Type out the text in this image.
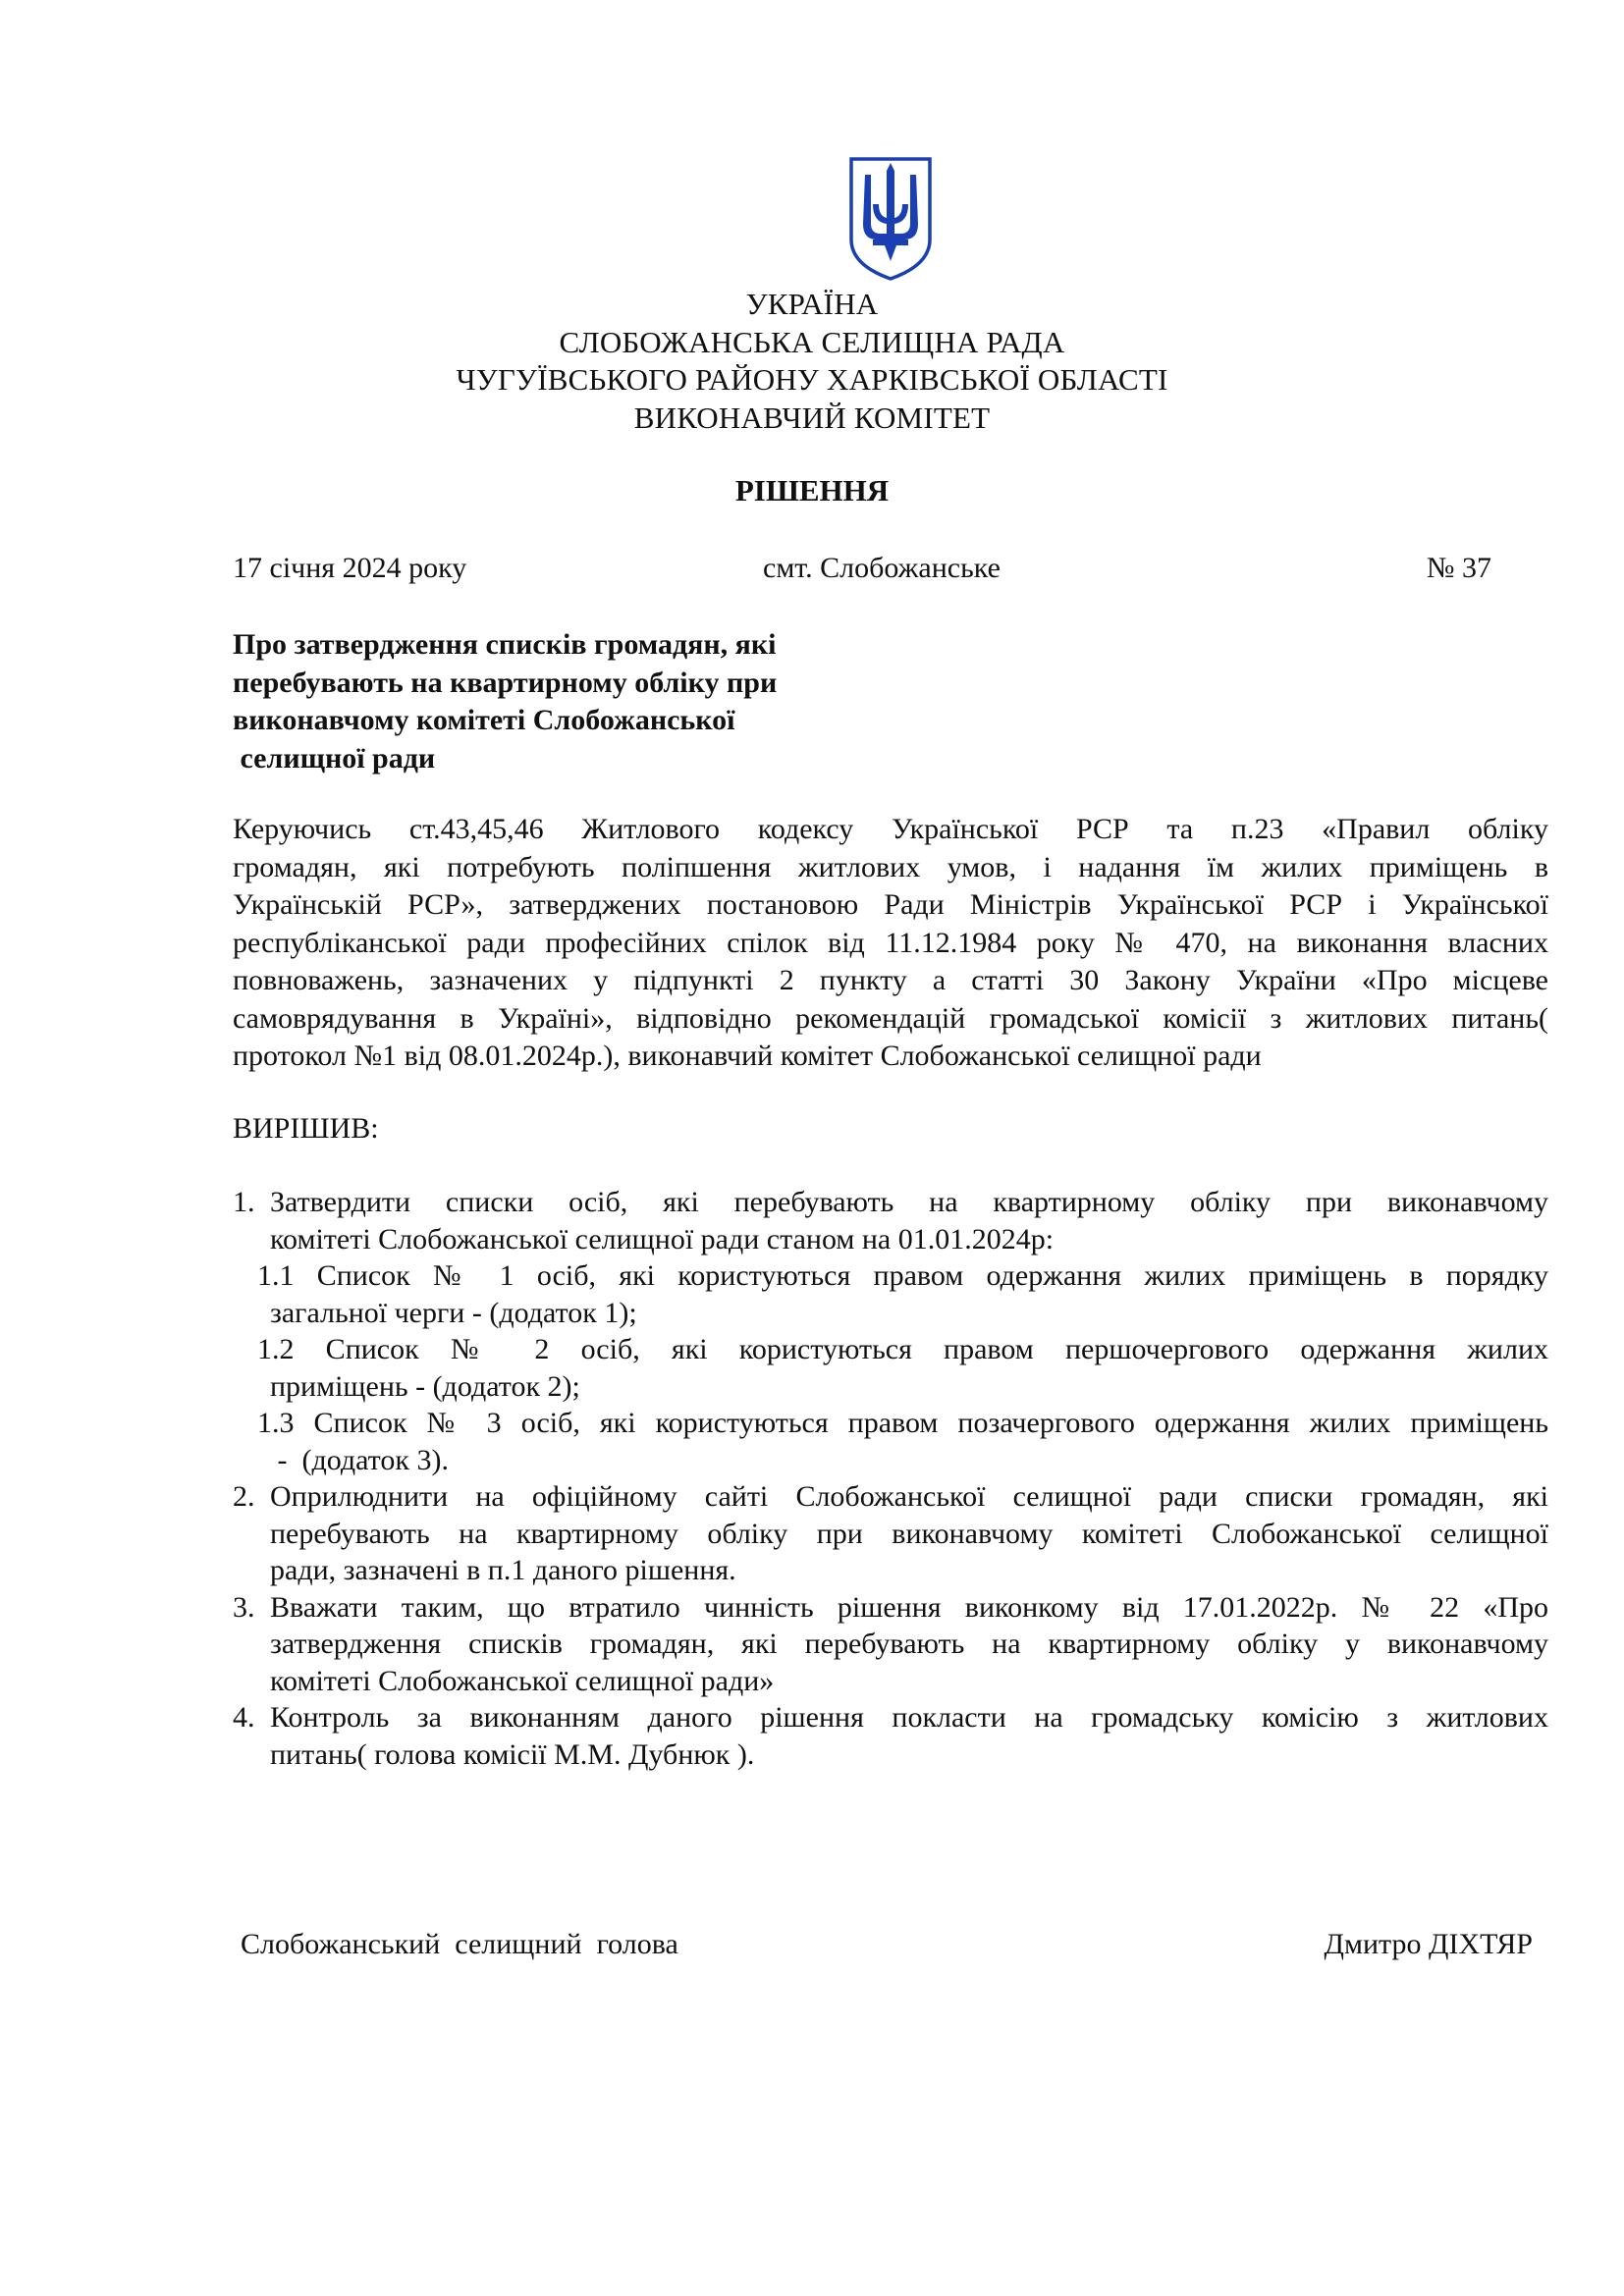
УКРАЇНА
СЛОБОЖАНСЬКА СЕЛИЩНА РАДА
ЧУГУЇВСЬКОГО РАЙОНУ ХАРКІВСЬКОЇ ОБЛАСТІ
ВИКОНАВЧИЙ КОМІТЕТ
РІШЕННЯ
17 січня 2024 року	смт. Слобожанське	№ 37
Про затвердження списків громадян, які
перебувають на квартирному обліку при
виконавчому комітеті Слобожанської
селищної ради
Керуючись ст.43,45,46 Житлового кодексу Української РСР та п.23 «Правил обліку
громадян, які потребують поліпшення житлових умов, і надання їм жилих приміщень в
Українській РСР», затверджених постановою Ради Міністрів Української РСР і Української
республіканської ради професійних спілок від 11.12.1984 року № 470, на виконання власних
повноважень, зазначених у підпункті 2 пункту а статті 30 Закону України «Про місцеве
самоврядування в Україні», відповідно рекомендацій громадської комісії з житлових питань(
протокол №1 від 08.01.2024р.), виконавчий комітет Слобожанської селищної ради
ВИРІШИВ:
1. Затвердити списки осіб, які перебувають на квартирному обліку при виконавчому
комітеті Слобожанської селищної ради станом на 01.01.2024р:
1.1 Список № 1 осіб, які користуються правом одержання жилих приміщень в порядку
загальної черги - (додаток 1);
1.2 Список № 2 осіб, які користуються правом першочергового одержання жилих
приміщень - (додаток 2);
1.3 Список № 3 осіб, які користуються правом позачергового одержання жилих приміщень
-  (додаток 3).
2. Оприлюднити на офіційному сайті Слобожанської селищної ради списки громадян, які
перебувають на квартирному обліку при виконавчому комітеті Слобожанської селищної
ради, зазначені в п.1 даного рішення.
3. Вважати таким, що втратило чинність рішення виконкому від 17.01.2022р. № 22 «Про
затвердження списків громадян, які перебувають на квартирному обліку у виконавчому
комітеті Слобожанської селищної ради»
4. Контроль за виконанням даного рішення покласти на громадську комісію з житлових
питань( голова комісії М.М. Дубнюк ).
Слобожанський  селищний  голова	Дмитро ДІХТЯР
